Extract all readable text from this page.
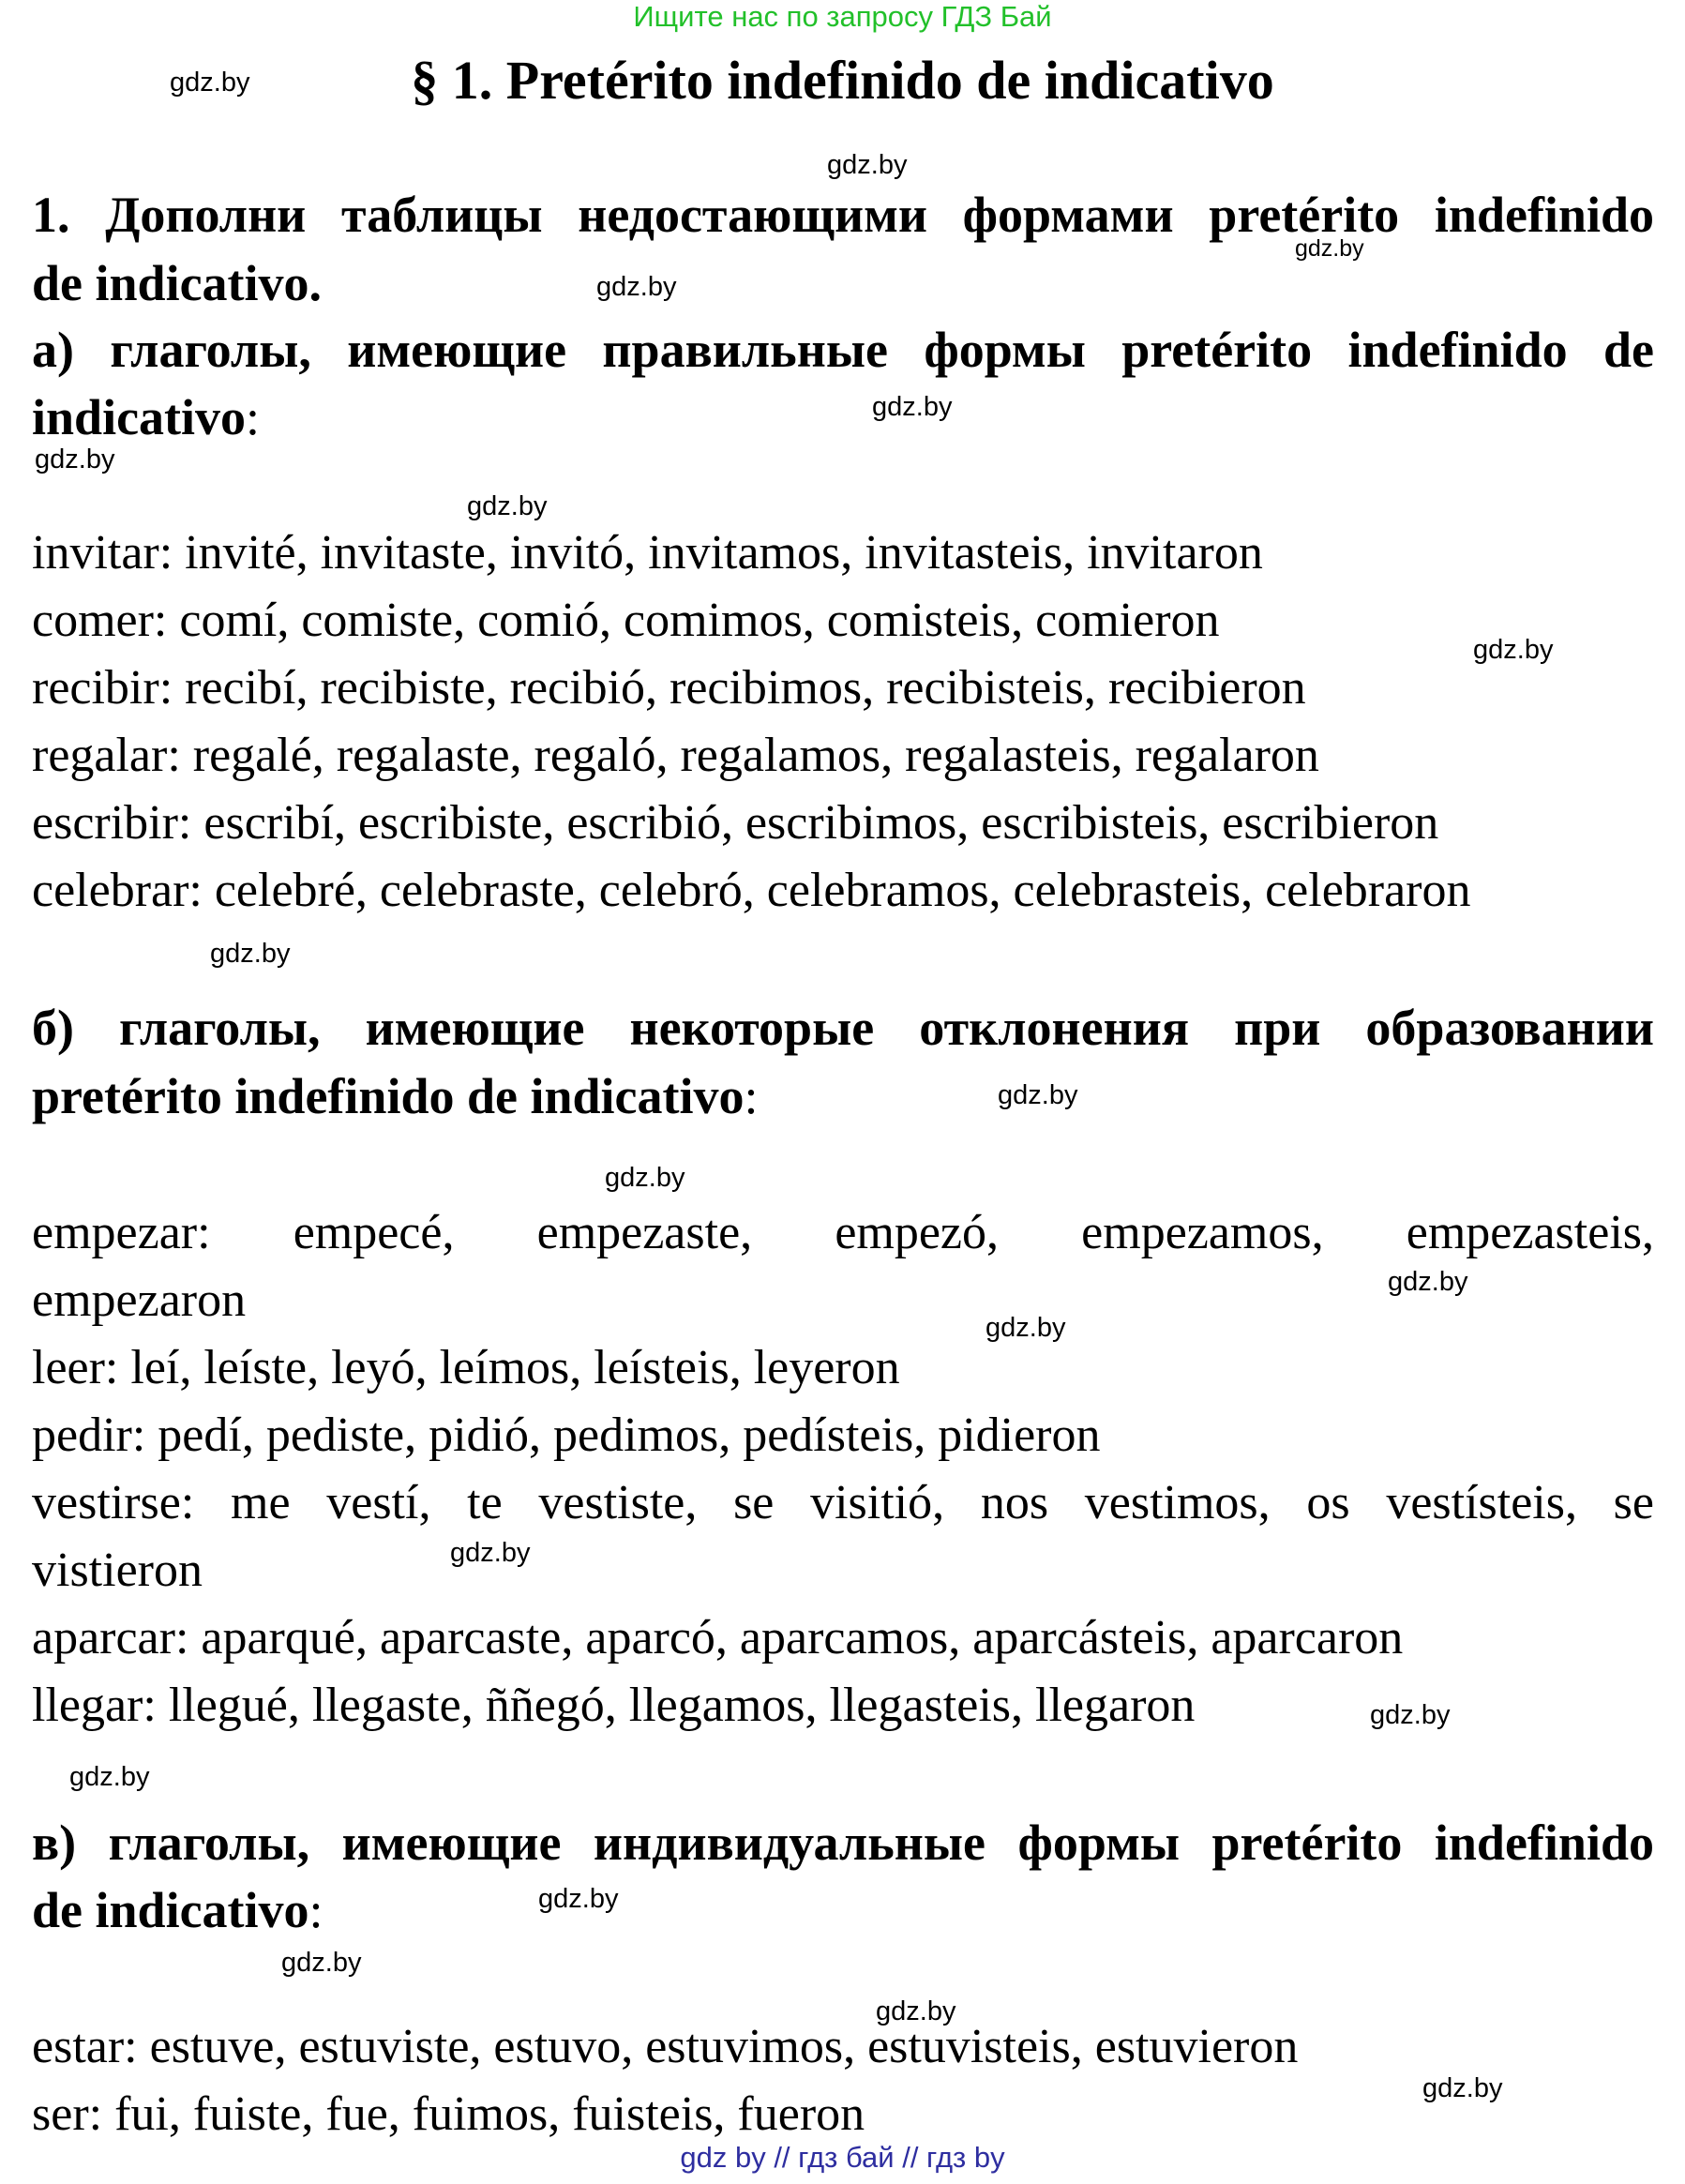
Ищите нас по запросу ГДЗ Бай
§ 1. Pretérito indefinido de indicativo
1. Дополни таблицы недостающими формами pretérito indefinido
de indicativo.
а) глаголы, имеющие правильные формы pretérito indefinido de
indicativo:
invitar: invité, invitaste, invitó, invitamos, invitasteis, invitaron
comer: comí, comiste, comió, comimos, comisteis, comieron
recibir: recibí, recibiste, recibió, recibimos, recibisteis, recibieron
regalar: regalé, regalaste, regaló, regalamos, regalasteis, regalaron
escribir: escribí, escribiste, escribió, escribimos, escribisteis, escribieron
celebrar: celebré, celebraste, celebró, celebramos, celebrasteis, celebraron
б) глаголы, имеющие некоторые отклонения при образовании
pretérito indefinido de indicativo:
empezar: empecé, empezaste, empezó, empezamos, empezasteis,
empezaron
leer: leí, leíste, leyó, leímos, leísteis, leyeron
pedir: pedí, pediste, pidió, pedimos, pedísteis, pidieron
vestirse: me vestí, te vestiste, se visitió, nos vestimos, os vestísteis, se
vistieron
aparcar: aparqué, aparcaste, aparcó, aparcamos, aparcásteis, aparcaron
llegar: llegué, llegaste, ññegó, llegamos, llegasteis, llegaron
в) глаголы, имеющие индивидуальные формы pretérito indefinido
de indicativo:
estar: estuve, estuviste, estuvo, estuvimos, estuvisteis, estuvieron
ser: fui, fuiste, fue, fuimos, fuisteis, fueron
gdz.by
gdz.by
gdz.by
gdz.by
gdz.by
gdz.by
gdz.by
gdz.by
gdz.by
gdz.by
gdz.by
gdz.by
gdz.by
gdz.by
gdz.by
gdz.by
gdz.by
gdz.by
gdz.by
gdz.by
gdz by // гдз бай // гдз by
